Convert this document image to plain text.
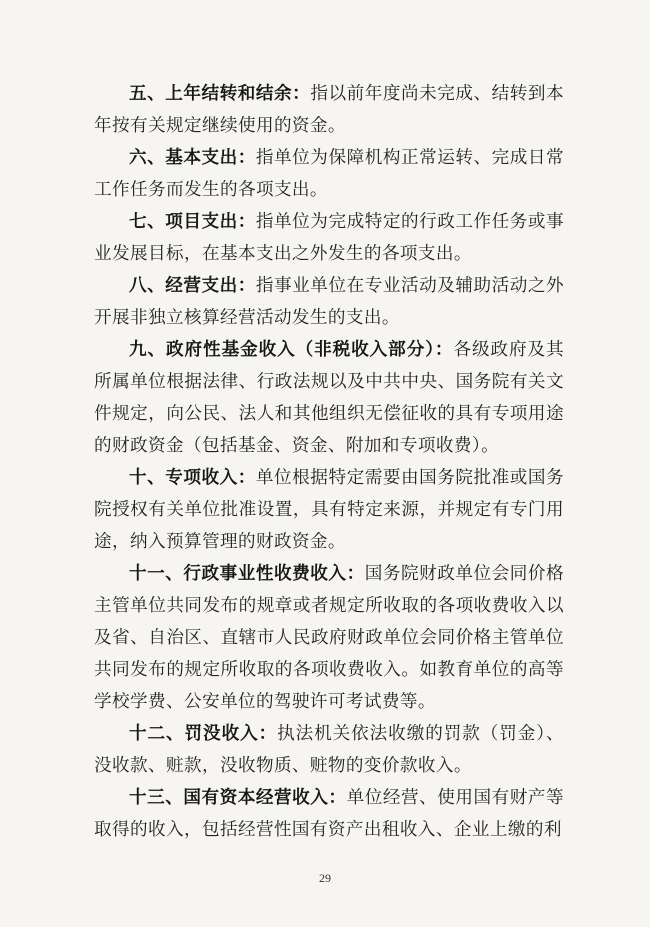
五、上年结转和结余：指以前年度尚未完成、结转到本年按有关规定继续使用的资金。

六、基本支出：指单位为保障机构正常运转、完成日常工作任务而发生的各项支出。

七、项目支出：指单位为完成特定的行政工作任务或事业发展目标，在基本支出之外发生的各项支出。

八、经营支出：指事业单位在专业活动及辅助活动之外开展非独立核算经营活动发生的支出。

九、政府性基金收入（非税收入部分）：各级政府及其所属单位根据法律、行政法规以及中共中央、国务院有关文件规定，向公民、法人和其他组织无偿征收的具有专项用途的财政资金（包括基金、资金、附加和专项收费）。

十、专项收入：单位根据特定需要由国务院批准或国务院授权有关单位批准设置，具有特定来源，并规定有专门用途，纳入预算管理的财政资金。

十一、行政事业性收费收入：国务院财政单位会同价格主管单位共同发布的规章或者规定所收取的各项收费收入以及省、自治区、直辖市人民政府财政单位会同价格主管单位共同发布的规定所收取的各项收费收入。如教育单位的高等学校学费、公安单位的驾驶许可考试费等。

十二、罚没收入：执法机关依法收缴的罚款（罚金）、没收款、赃款，没收物质、赃物的变价款收入。

十三、国有资本经营收入：单位经营、使用国有财产等取得的收入，包括经营性国有资产出租收入、企业上缴的利

29
